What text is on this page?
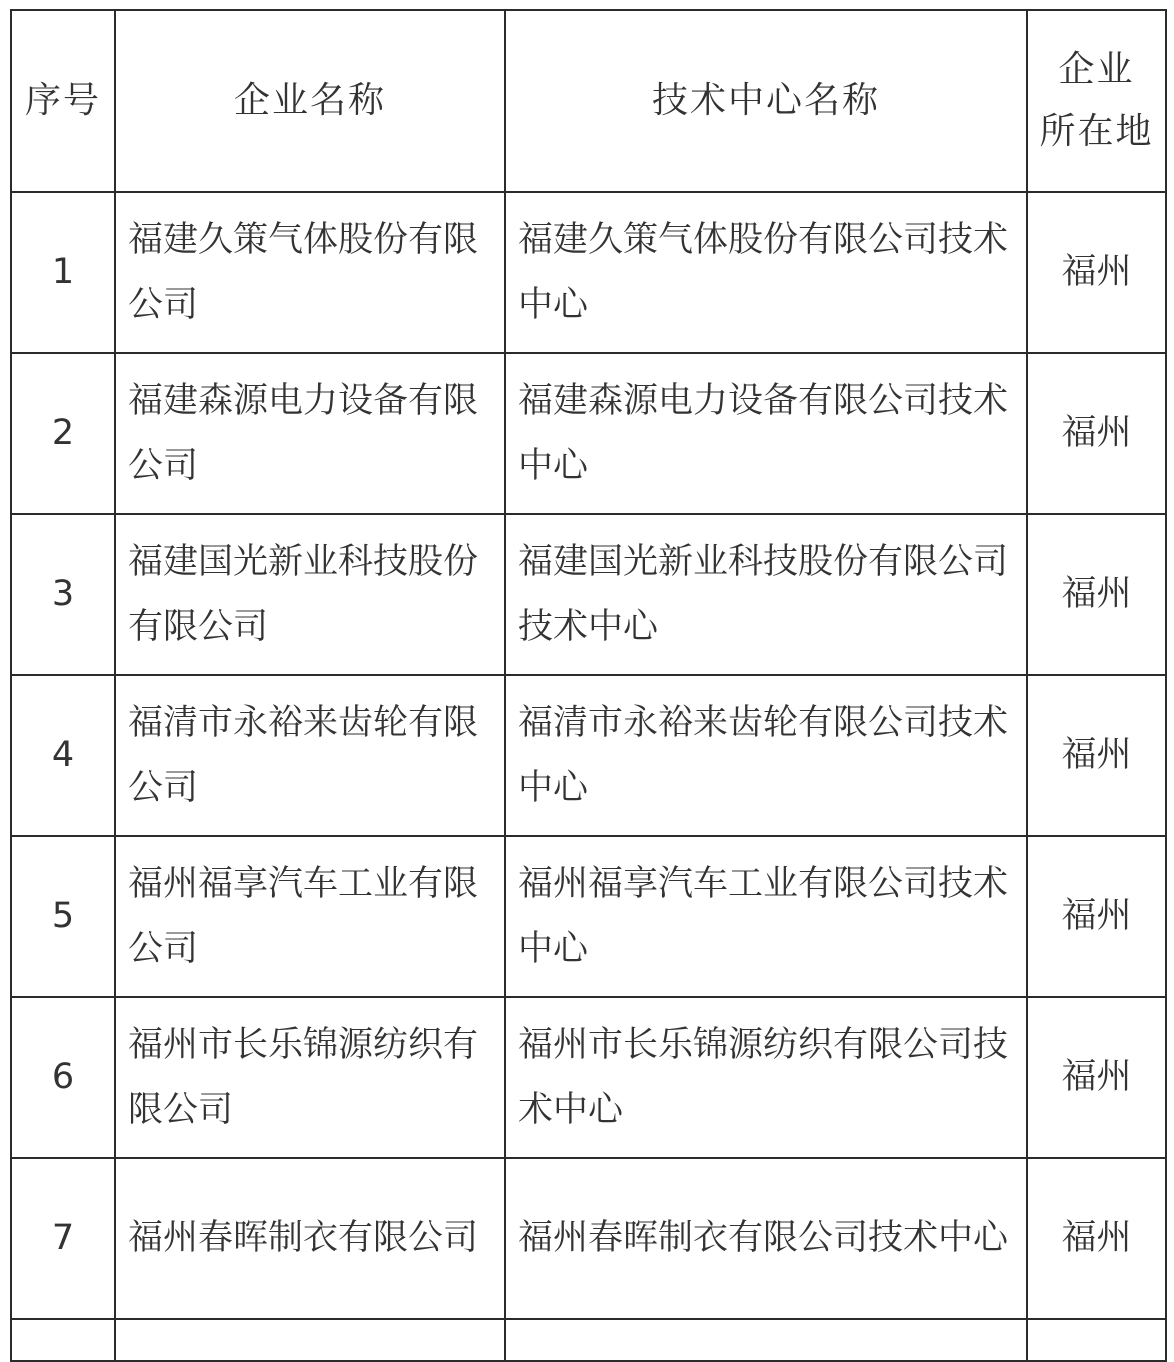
序号	企业名称	技术中心名称	企业
所在地

1	福建久策气体股份有限公司	福建久策气体股份有限公司技术中心	福州
2	福建森源电力设备有限公司	福建森源电力设备有限公司技术中心	福州
3	福建国光新业科技股份有限公司	福建国光新业科技股份有限公司技术中心	福州
4	福清市永裕来齿轮有限公司	福清市永裕来齿轮有限公司技术中心	福州
5	福州福享汽车工业有限公司	福州福享汽车工业有限公司技术中心	福州
6	福州市长乐锦源纺织有限公司	福州市长乐锦源纺织有限公司技术中心	福州
7	福州春晖制衣有限公司	福州春晖制衣有限公司技术中心	福州
